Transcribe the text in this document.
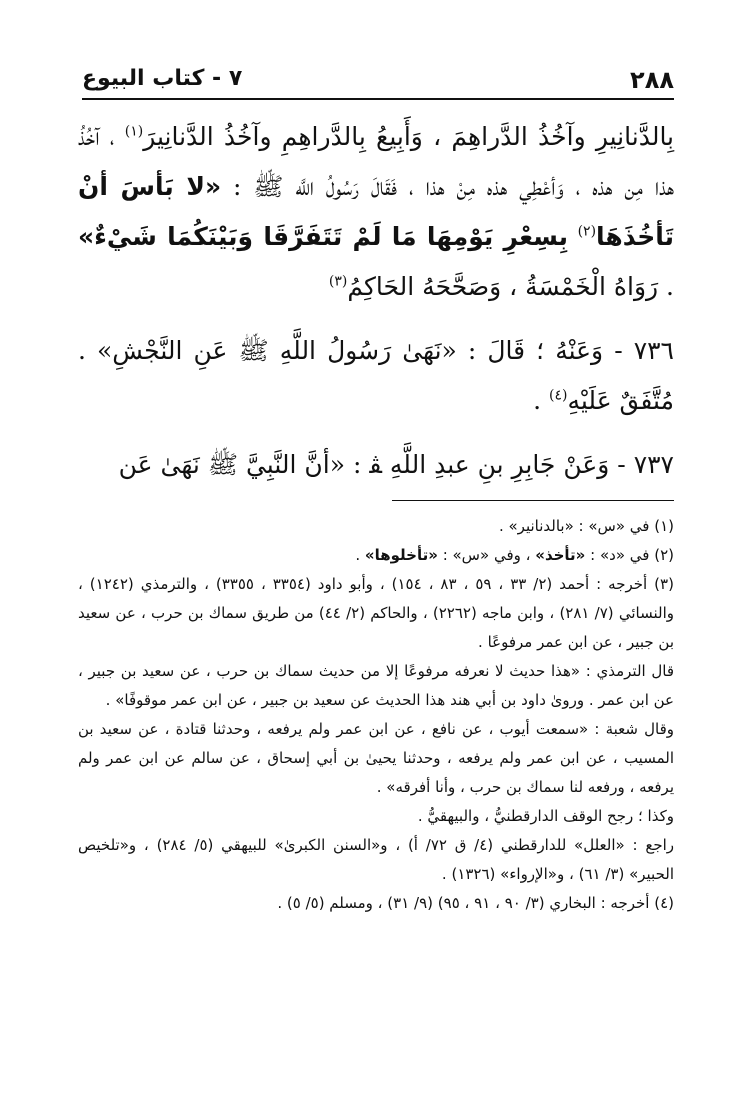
٢٨٨
٧ - كتاب البيوع

بِالدَّنانِيرِ وآخُذُ الدَّراهِمَ ، وَأَبِيعُ بِالدَّراهِمِ وآخُذُ الدَّنانِيرَ$^{(١)}$ ، آخُذُ هذا مِن هذه ، وَأعْطِي هذه مِنْ هذا ، فَقَالَ رَسُولُ اللَّه ﷺ : «لا بَأسَ أنْ تَأخُذَهَا$^{(٢)}$ بِسِعْرِ يَوْمِهَا مَا لَمْ تَتَفَرَّقَا وَبَيْنَكُمَا شَيْءٌ» . رَوَاهُ الْخَمْسَةُ ، وَصَحَّحَهُ الحَاكِمُ$^{(٣)}$

٧٣٦ - وَعَنْهُ ؛ قَالَ : «نَهَىٰ رَسُولُ اللَّهِ ﷺ عَنِ النَّجْشِ» . مُتَّفَقٌ عَلَيْهِ$^{(٤)}$ .

٧٣٧ - وَعَنْ جَابِرِ بنِ عبدِ اللَّهِ ﭭ : «أنَّ النَّبِيَّ ﷺ نَهَىٰ عَن

(١) في «س» : «بالدنانير» .

(٢) في «د» : «تأخذ» ، وفي «س» : «تأخلوها» .

(٣) أخرجه : أحمد (٢/ ٣٣ ، ٥٩ ، ٨٣ ، ١٥٤) ، وأبو داود (٣٣٥٤ ، ٣٣٥٥) ، والترمذي (١٢٤٢) ، والنسائي (٧/ ٢٨١) ، وابن ماجه (٢٢٦٢) ، والحاكم (٢/ ٤٤) من طريق سماك بن حرب ، عن سعيد بن جبير ، عن ابن عمر مرفوعًا .

قال الترمذي : «هذا حديث لا نعرفه مرفوعًا إلا من حديث سماك بن حرب ، عن سعيد بن جبير ، عن ابن عمر . وروىٰ داود بن أبي هند هذا الحديث عن سعيد بن جبير ، عن ابن عمر موقوفًا» .

وقال شعبة : «سمعت أيوب ، عن نافع ، عن ابن عمر ولم يرفعه ، وحدثنا قتادة ، عن سعيد بن المسيب ، عن ابن عمر ولم يرفعه ، وحدثنا يحيىٰ بن أبي إسحاق ، عن سالم عن ابن عمر ولم يرفعه ، ورفعه لنا سماك بن حرب ، وأنا أفرقه» .

وكذا ؛ رجح الوقف الدارقطنيُّ ، والبيهقيُّ .

راجع : «العلل» للدارقطني (٤/ ق ٧٢/ أ) ، و«السنن الكبرىٰ» للبيهقي (٥/ ٢٨٤) ، و«تلخيص الحبير» (٣/ ٦١) ، و«الإرواء» (١٣٢٦) .

(٤) أخرجه : البخاري (٣/ ٩٠ ، ٩١ ، ٩٥) (٩/ ٣١) ، ومسلم (٥/ ٥) .
